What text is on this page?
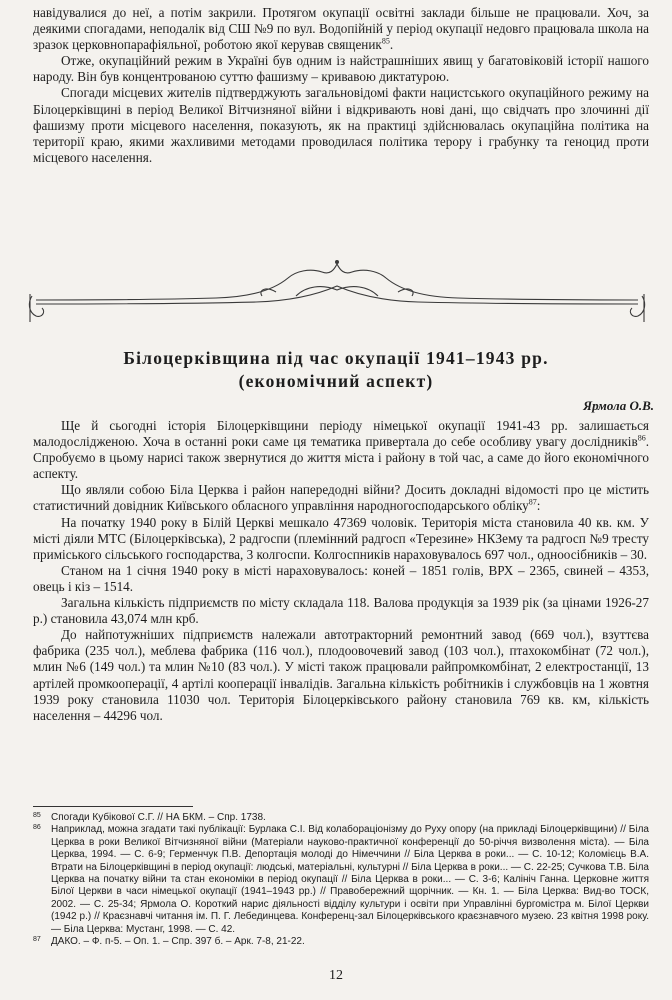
навідувалися до неї, а потім закрили. Протягом окупації освітні заклади більше не працювали. Хоч, за деякими спогадами, неподалік від СШ №9 по вул. Водопійній у період окупації недовго працювала школа на зразок церковнопарафіяльної, роботою якої керував священик$^{85}$.

Отже, окупаційний режим в Україні був одним із найстрашніших явищ у багатовіковій історії нашого народу. Він був концентрованою суттю фашизму – кривавою диктатурою.

Спогади місцевих жителів підтверджують загальновідомі факти нацистського окупаційного режиму на Білоцерківщині в період Великої Вітчизняної війни і відкривають нові дані, що свідчать про злочинні дії фашизму проти місцевого населення, показують, як на практиці здійснювалась окупаційна політика на території краю, якими жахливими методами проводилася політика терору і грабунку та геноцид проти місцевого населення.

Білоцерківщина під час окупації 1941–1943 рр.
(економічний аспект)
Ярмола О.В.

Ще й сьогодні історія Білоцерківщини періоду німецької окупації 1941-43 рр. залишається малодослідженою. Хоча в останні роки саме ця тематика привертала до себе особливу увагу дослідників$^{86}$. Спробуємо в цьому нарисі також звернутися до життя міста і району в той час, а саме до його економічного аспекту.

Що являли собою Біла Церква і район напередодні війни? Досить докладні відомості про це містить статистичний довідник Київського обласного управління народногосподарського обліку$^{87}$:

На початку 1940 року в Білій Церкві мешкало 47369 чоловік. Територія міста становила 40 кв. км. У місті діяли МТС (Білоцерківська), 2 радгоспи (племінний радгосп «Терезине» НКЗему та радгосп №9 тресту приміського сільського господарства, 3 колгоспи. Колгоспників нараховувалось 697 чол., одноосібників – 30.

Станом на 1 січня 1940 року в місті нараховувалось: коней – 1851 голів, ВРХ – 2365, свиней – 4353, овець і кіз – 1514.

Загальна кількість підприємств по місту складала 118. Валова продукція за 1939 рік (за цінами 1926-27 р.) становила 43,074 млн крб.

До найпотужніших підприємств належали автотракторний ремонтний завод (669 чол.), взуттєва фабрика (235 чол.), меблева фабрика (116 чол.), плодоовочевий завод (103 чол.), птахокомбінат (72 чол.), млин №6 (149 чол.) та млин №10 (83 чол.). У місті також працювали райпромкомбінат, 2 електростанції, 13 артілей промкооперації, 4 артілі кооперації інвалідів. Загальна кількість робітників і службовців на 1 жовтня 1939 року становила 11030 чол. Територія Білоцерківського району становила 769 кв. км, кількість населення – 44296 чол.

85 Спогади Кубікової С.Г. // НА БКМ. – Спр. 1738.
86 Наприклад, можна згадати такі публікації: Бурлака С.І. Від колабораціонізму до Руху опору (на прикладі Білоцерківщини) // Біла Церква в роки Великої Вітчизняної війни (Матеріали науково-практичної конференції до 50-річчя визволення міста). — Біла Церква, 1994. — С. 6-9; Герменчук П.В. Депортація молоді до Німеччини // Біла Церква в роки... — С. 10-12; Коломієць В.А. Втрати на Білоцерківщині в період окупації: людські, матеріальні, культурні // Біла Церква в роки... — С. 22-25; Сучкова Т.В. Біла Церква на початку війни та стан економіки в період окупації // Біла Церква в роки... — С. 3-6; Калініч Ганна. Церковне життя Білої Церкви в часи німецької окупації (1941–1943 рр.) // Правобережний щорічник. — Кн. 1. — Біла Церква: Вид-во ТОСК, 2002. — С. 25-34; Ярмола О. Короткий нарис діяльності відділу культури і освіти при Управлінні бургомістра м. Білої Церкви (1942 р.) // Краєзнавчі читання ім. П. Г. Лебединцева. Конференц-зал Білоцерківського краєзнавчого музею. 23 квітня 1998 року. — Біла Церква: Мустанг, 1998. — С. 42.
87 ДАКО. – Ф. п-5. – Оп. 1. – Спр. 397 б. – Арк. 7-8, 21-22.
12
